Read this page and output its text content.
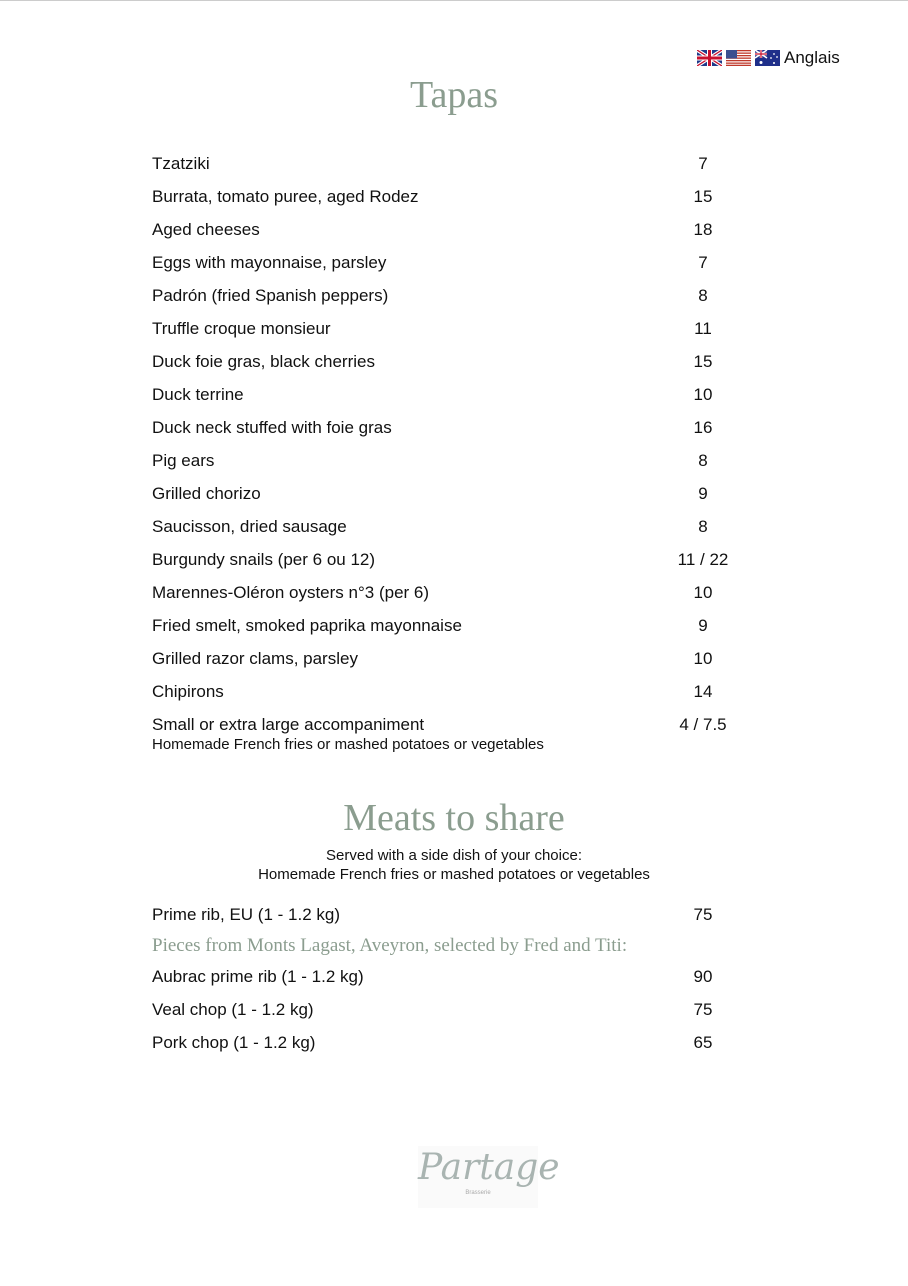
Anglais
Tapas
Tzatziki	7
Burrata, tomato puree, aged Rodez	15
Aged cheeses	18
Eggs with mayonnaise, parsley	7
Padrón (fried Spanish peppers)	8
Truffle croque monsieur	11
Duck foie gras, black cherries	15
Duck terrine	10
Duck neck stuffed with foie gras	16
Pig ears	8
Grilled chorizo	9
Saucisson, dried sausage	8
Burgundy snails (per 6 ou 12)	11 / 22
Marennes-Oléron oysters n°3 (per 6)	10
Fried smelt, smoked paprika mayonnaise	9
Grilled razor clams, parsley	10
Chipirons	14
Small or extra large accompaniment	4 / 7.5
Homemade French fries or mashed potatoes or vegetables
Meats to share
Served with a side dish of your choice:
Homemade French fries or mashed potatoes or vegetables
Prime rib, EU (1 - 1.2 kg)	75
Pieces from Monts Lagast, Aveyron, selected by Fred and Titi:
Aubrac prime rib (1 - 1.2 kg)	90
Veal chop (1 - 1.2 kg)	75
Pork chop (1 - 1.2 kg)	65
Partage
Brasserie
